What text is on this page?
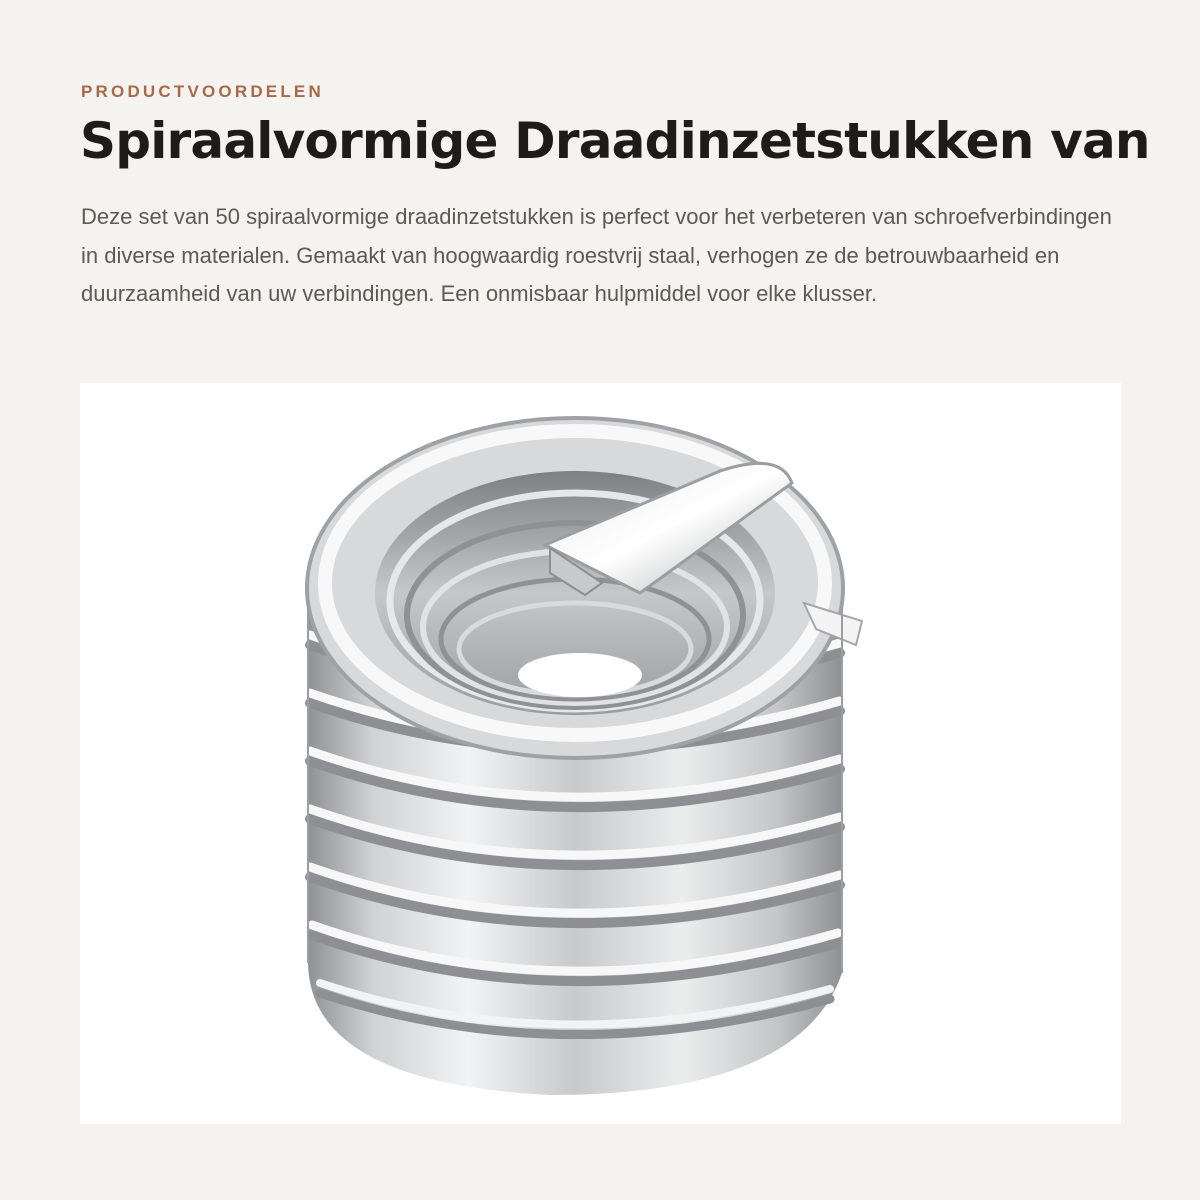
PRODUCTVOORDELEN
Spiraalvormige Draadinzetstukken van

Deze set van 50 spiraalvormige draadinzetstukken is perfect voor het verbeteren van schroefverbindingen in diverse materialen. Gemaakt van hoogwaardig roestvrij staal, verhogen ze de betrouwbaarheid en duurzaamheid van uw verbindingen. Een onmisbaar hulpmiddel voor elke klusser.
